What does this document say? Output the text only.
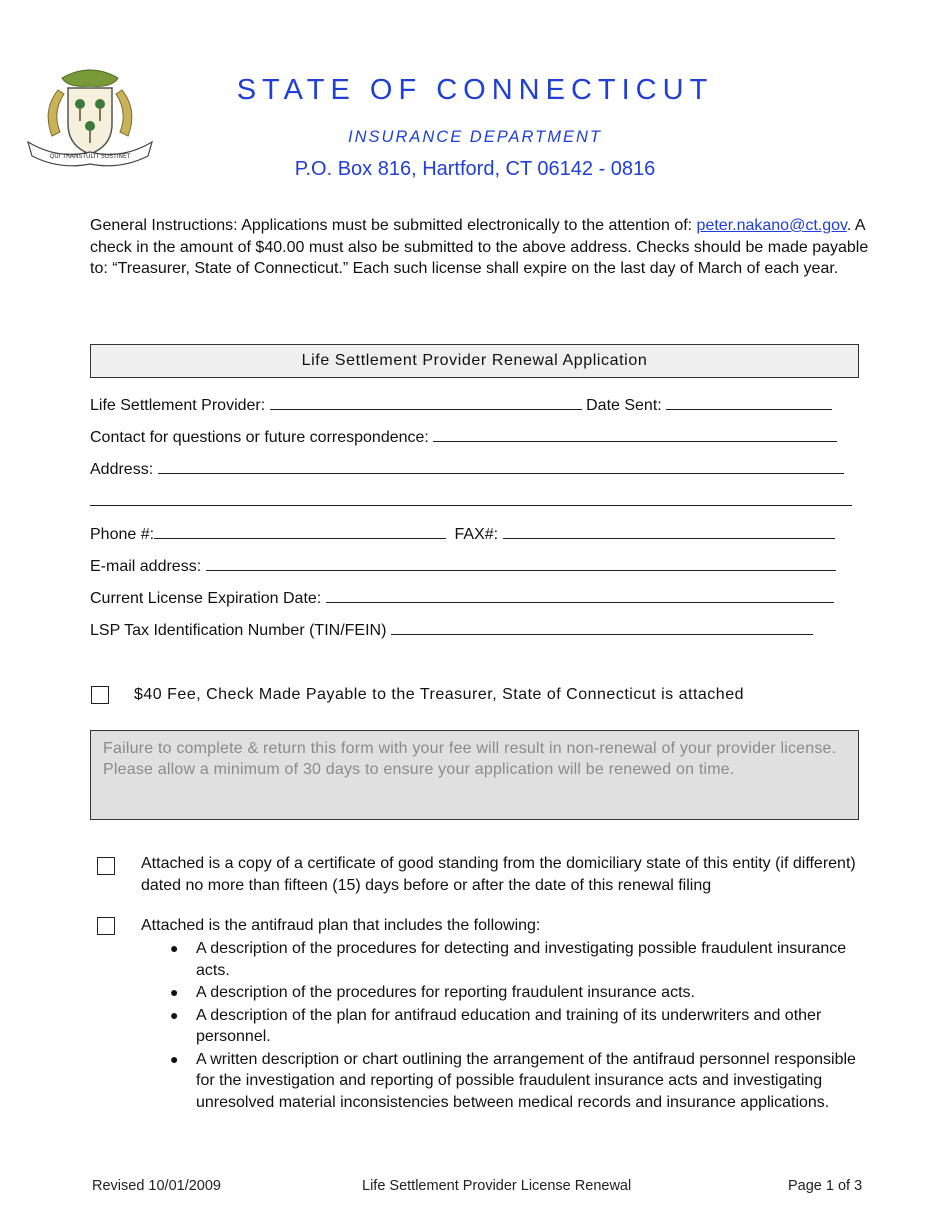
QUI TRANSTULIT SUSTINET
STATE OF CONNECTICUT
INSURANCE DEPARTMENT
P.O. Box 816, Hartford, CT 06142 - 0816
General Instructions: Applications must be submitted electronically to the attention of: peter.nakano@ct.gov. A check in the amount of $40.00 must also be submitted to the above address. Checks should be made payable to: “Treasurer, State of Connecticut.” Each such license shall expire on the last day of March of each year.
Life Settlement Provider Renewal Application
Life Settlement Provider:	Date Sent:
Contact for questions or future correspondence:
Address:
Phone #:	FAX#:
E-mail address:
Current License Expiration Date:
LSP Tax Identification Number (TIN/FEIN)
$40 Fee, Check Made Payable to the Treasurer, State of Connecticut is attached
Failure to complete & return this form with your fee will result in non-renewal of your provider license. Please allow a minimum of 30 days to ensure your application will be renewed on time.
Attached is a copy of a certificate of good standing from the domiciliary state of this entity (if different) dated no more than fifteen (15) days before or after the date of this renewal filing
Attached is the antifraud plan that includes the following:
● A description of the procedures for detecting and investigating possible fraudulent insurance acts.
● A description of the procedures for reporting fraudulent insurance acts.
● A description of the plan for antifraud education and training of its underwriters and other personnel.
● A written description or chart outlining the arrangement of the antifraud personnel responsible for the investigation and reporting of possible fraudulent insurance acts and investigating unresolved material inconsistencies between medical records and insurance applications.
Revised 10/01/2009	Life Settlement Provider License Renewal	Page 1 of 3
